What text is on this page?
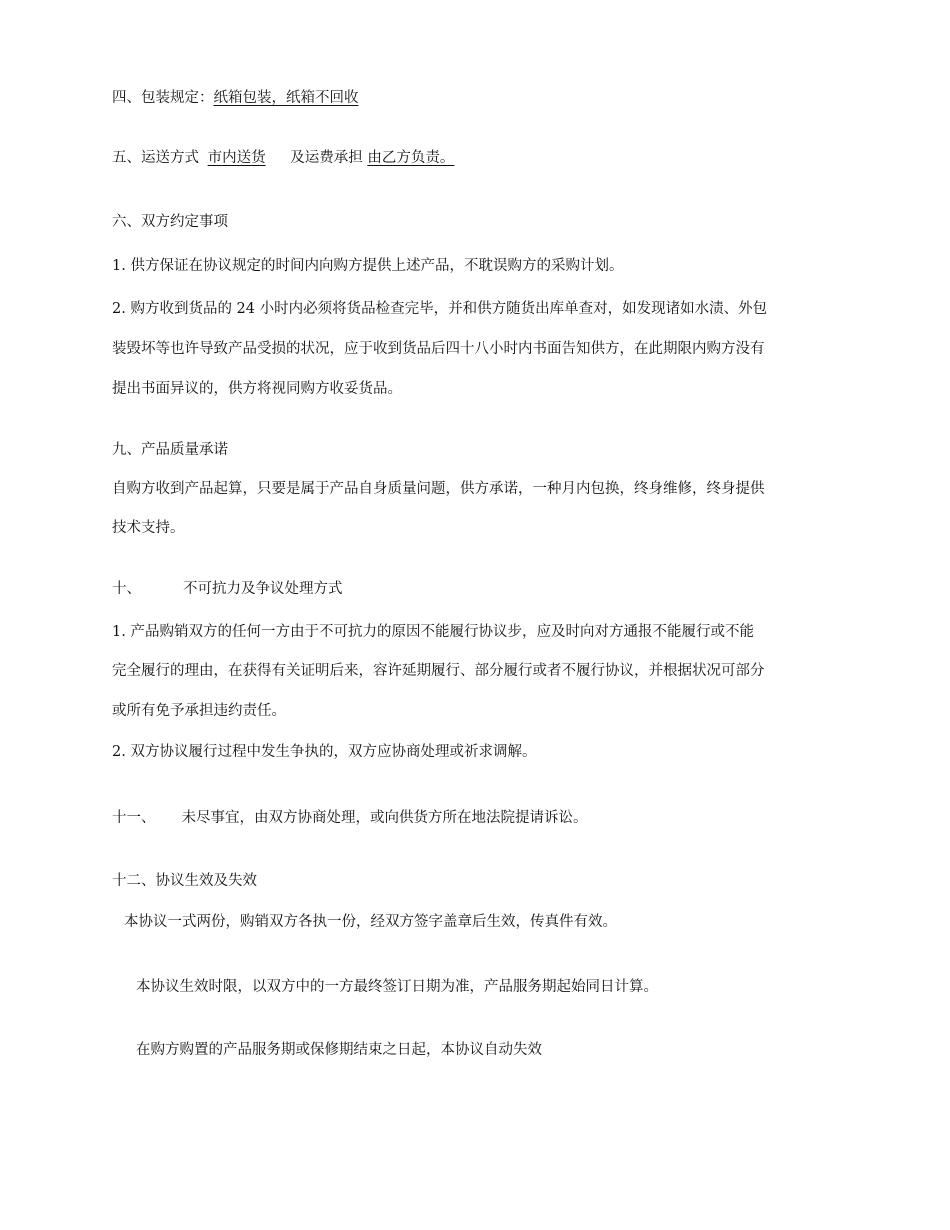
四、包装规定：纸箱包装，纸箱不回收
五、运送方式 市内送货 及运费承担 由乙方负责。
六、双方约定事项
1. 供方保证在协议规定的时间内向购方提供上述产品，不耽误购方的采购计划。
2. 购方收到货品的 24 小时内必须将货品检查完毕，并和供方随货出库单查对，如发现诸如水渍、外包
装毁坏等也许导致产品受损的状况，应于收到货品后四十八小时内书面告知供方，在此期限内购方没有
提出书面异议的，供方将视同购方收妥货品。
九、产品质量承诺
自购方收到产品起算，只要是属于产品自身质量问题，供方承诺，一种月内包换，终身维修，终身提供
技术支持。
十、	不可抗力及争议处理方式
1. 产品购销双方的任何一方由于不可抗力的原因不能履行协议步，应及时向对方通报不能履行或不能
完全履行的理由，在获得有关证明后来，容许延期履行、部分履行或者不履行协议，并根据状况可部分
或所有免予承担违约责任。
2. 双方协议履行过程中发生争执的，双方应协商处理或祈求调解。
十一、 未尽事宜，由双方协商处理，或向供货方所在地法院提请诉讼。
十二、协议生效及失效
本协议一式两份，购销双方各执一份，经双方签字盖章后生效，传真件有效。
本协议生效时限，以双方中的一方最终签订日期为准，产品服务期起始同日计算。
在购方购置的产品服务期或保修期结束之日起，本协议自动失效
